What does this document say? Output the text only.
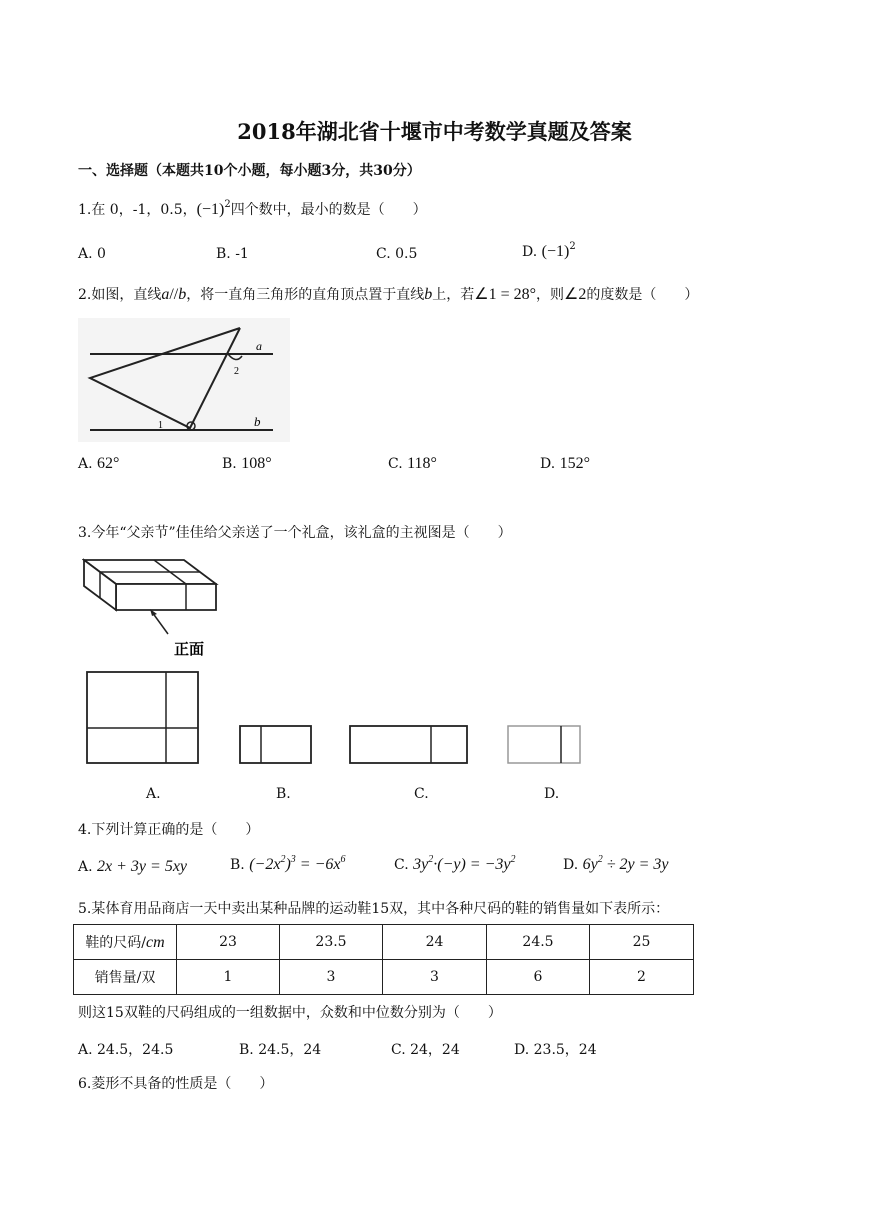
2018年湖北省十堰市中考数学真题及答案
一、选择题（本题共10个小题，每小题3分，共30分）
1.在 0，-1，0.5，$(-1)^2$四个数中，最小的数是（　　）
A. 0	B. -1	C. 0.5	D. $(-1)^2$
2.如图，直线a//b，将一直角三角形的直角顶点置于直线b上，若∠1 = 28°，则∠2的度数是（　　）
a
b
1
2
A. 62°	B. 108°	C. 118°	D. 152°
3.今年“父亲节”佳佳给父亲送了一个礼盒，该礼盒的主视图是（　　）
正面
A.	B.	C.	D.
4.下列计算正确的是（　　）
A. 2x + 3y = 5xy	B. $(-2x^2)^3 = -6x^6$	C. $3y^2\cdot(-y) = -3y^2$	D. $6y^2 \div 2y = 3y$
5.某体育用品商店一天中卖出某种品牌的运动鞋15双，其中各种尺码的鞋的销售量如下表所示：
鞋的尺码/cm	23	23.5	24	24.5	25
销售量/双	1	3	3	6	2
则这15双鞋的尺码组成的一组数据中，众数和中位数分别为（　　）
A. 24.5，24.5	B. 24.5，24	C. 24，24	D. 23.5，24
6.菱形不具备的性质是（　　）
